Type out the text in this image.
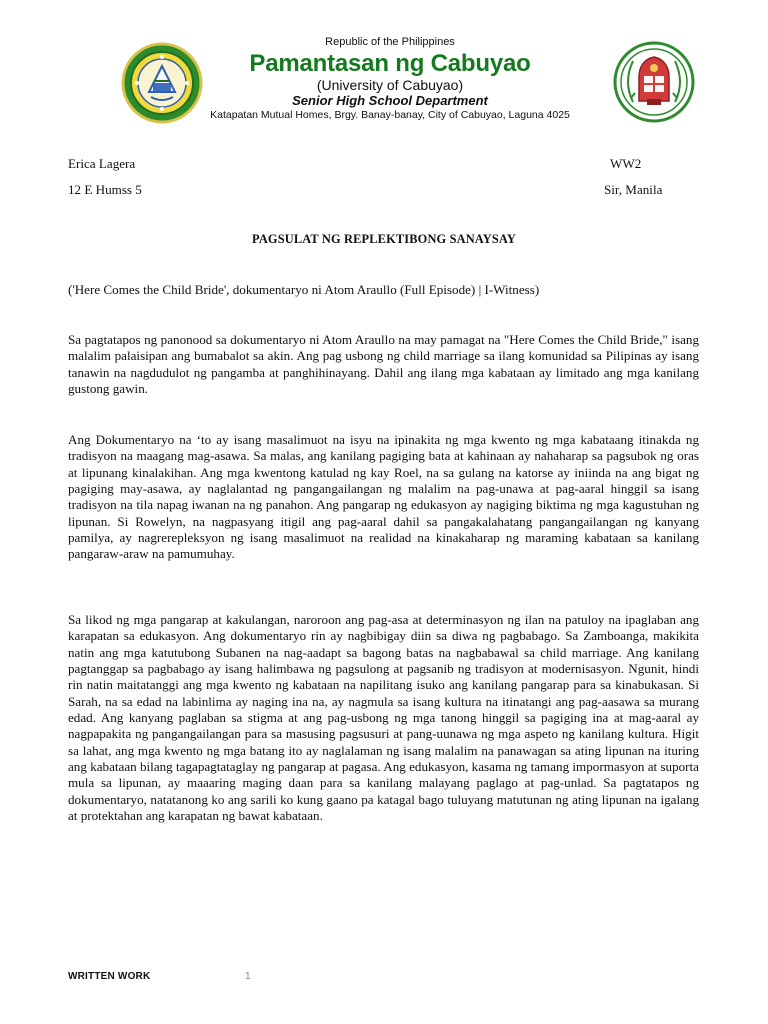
Republic of the Philippines
Pamantasan ng Cabuyao
(University of Cabuyao)
Senior High School Department
Katapatan Mutual Homes, Brgy. Banay-banay, City of Cabuyao, Laguna 4025
Erica Lagera
12 E Humss 5
WW2
Sir, Manila
PAGSULAT NG REPLEKTIBONG SANAYSAY
('Here Comes the Child Bride', dokumentaryo ni Atom Araullo (Full Episode) | I-Witness)
Sa pagtatapos ng panonood sa dokumentaryo ni Atom Araullo na may pamagat na "Here Comes the Child Bride," isang malalim palaisipan ang bumabalot sa akin. Ang pag usbong ng child marriage sa ilang komunidad sa Pilipinas ay isang tanawin na nagdudulot ng pangamba at panghihinayang. Dahil ang ilang mga kabataan ay limitado ang mga kanilang gustong gawin.
Ang Dokumentaryo na ‘to ay isang masalimuot na isyu na ipinakita ng mga kwento ng mga kabataang itinakda ng tradisyon na maagang mag-asawa. Sa malas, ang kanilang pagiging bata at kahinaan ay nahaharap sa pagsubok ng oras at lipunang kinalakihan. Ang mga kwentong katulad ng kay Roel, na sa gulang na katorse ay iniinda na ang bigat ng pagiging may-asawa, ay naglalantad ng pangangailangan ng malalim na pag-unawa at pag-aaral hinggil sa isang tradisyon na tila napag iwanan na ng panahon. Ang pangarap ng edukasyon ay nagiging biktima ng mga kagustuhan ng lipunan. Si Rowelyn, na nagpasyang itigil ang pag-aaral dahil sa pangakalahatang pangangailangan ng kanyang pamilya, ay nagrerepleksyon ng isang masalimuot na realidad na kinakaharap ng maraming kabataan sa kanilang pangaraw-araw na pamumuhay.
Sa likod ng mga pangarap at kakulangan, naroroon ang pag-asa at determinasyon ng ilan na patuloy na ipaglaban ang karapatan sa edukasyon. Ang dokumentaryo rin ay nagbibigay diin sa diwa ng pagbabago. Sa Zamboanga, makikita natin ang mga katutubong Subanen na nag-aadapt sa bagong batas na nagbabawal sa child marriage. Ang kanilang pagtanggap sa pagbabago ay isang halimbawa ng pagsulong at pagsanib ng tradisyon at modernisasyon. Ngunit, hindi rin natin maitatanggi ang mga kwento ng kabataan na napilitang isuko ang kanilang pangarap para sa kinabukasan. Si Sarah, na sa edad na labinlima ay naging ina na, ay nagmula sa isang kultura na itinatangi ang pag-aasawa sa murang edad. Ang kanyang paglaban sa stigma at ang pag-usbong ng mga tanong hinggil sa pagiging ina at mag-aaral ay nagpapakita ng pangangailangan para sa masusing pagsusuri at pang-uunawa ng mga aspeto ng kanilang kultura. Higit sa lahat, ang mga kwento ng mga batang ito ay naglalaman ng isang malalim na panawagan sa ating lipunan na ituring ang kabataan bilang tagapagtataglay ng pangarap at pagasa. Ang edukasyon, kasama ng tamang impormasyon at suporta mula sa lipunan, ay maaaring maging daan para sa kanilang malayang paglago at pag-unlad. Sa pagtatapos ng dokumentaryo, natatanong ko ang sarili ko kung gaano pa katagal bago tuluyang matutunan ng ating lipunan na igalang at protektahan ang karapatan ng bawat kabataan.
WRITTEN WORK	1
